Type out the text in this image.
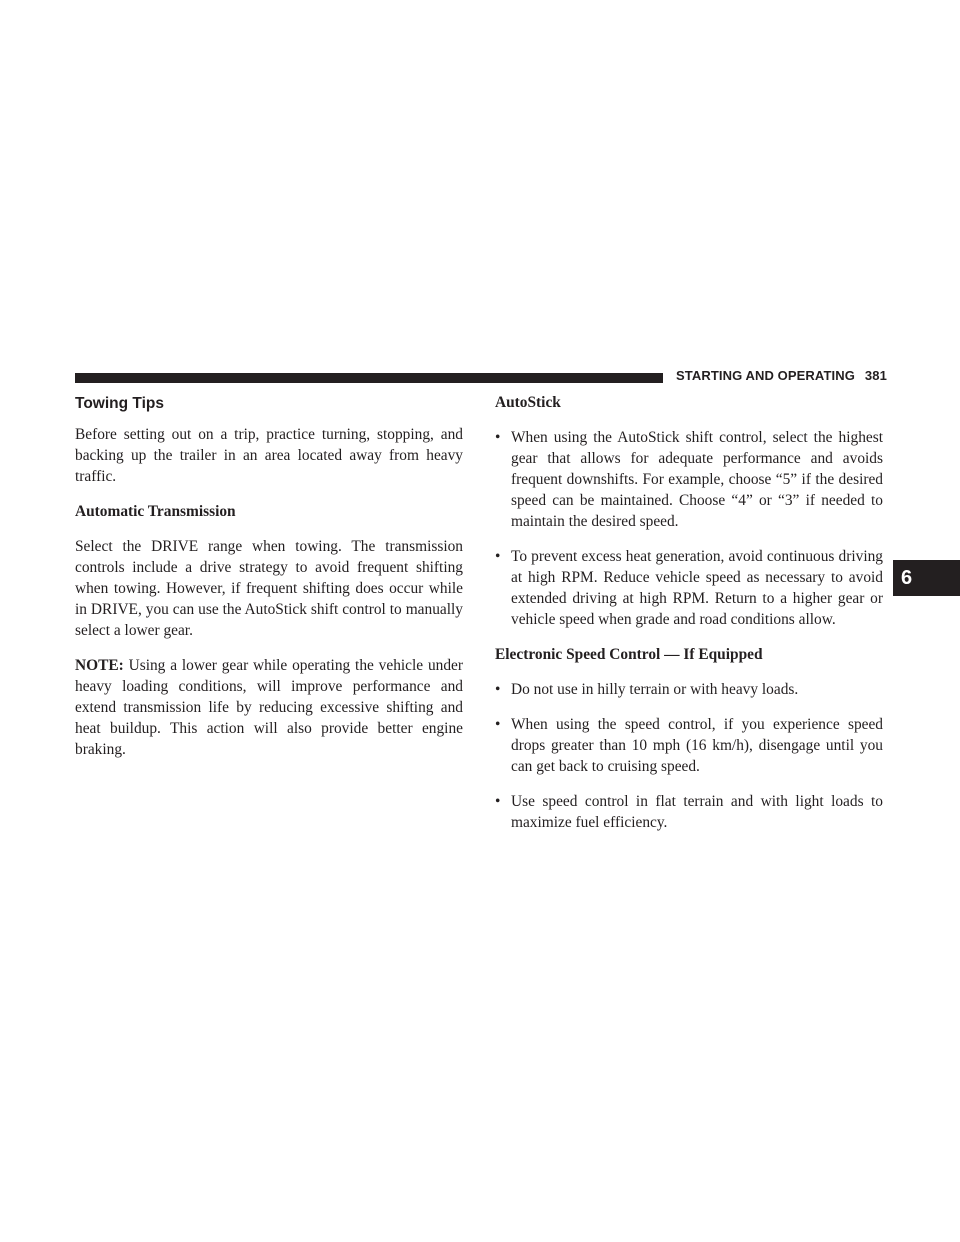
STARTING AND OPERATING 381
6
Towing Tips

Before setting out on a trip, practice turning, stopping, and backing up the trailer in an area located away from heavy traffic.

Automatic Transmission

Select the DRIVE range when towing. The transmission controls include a drive strategy to avoid frequent shifting when towing. However, if frequent shifting does occur while in DRIVE, you can use the AutoStick shift control to manually select a lower gear.

NOTE: Using a lower gear while operating the vehicle under heavy loading conditions, will improve performance and extend transmission life by reducing excessive shifting and heat buildup. This action will also provide better engine braking.

AutoStick
• When using the AutoStick shift control, select the highest gear that allows for adequate performance and avoids frequent downshifts. For example, choose “5” if the desired speed can be maintained. Choose “4” or “3” if needed to maintain the desired speed.
• To prevent excess heat generation, avoid continuous driving at high RPM. Reduce vehicle speed as necessary to avoid extended driving at high RPM. Return to a higher gear or vehicle speed when grade and road conditions allow.
Electronic Speed Control — If Equipped
• Do not use in hilly terrain or with heavy loads.
• When using the speed control, if you experience speed drops greater than 10 mph (16 km/h), disengage until you can get back to cruising speed.
• Use speed control in flat terrain and with light loads to maximize fuel efficiency.
